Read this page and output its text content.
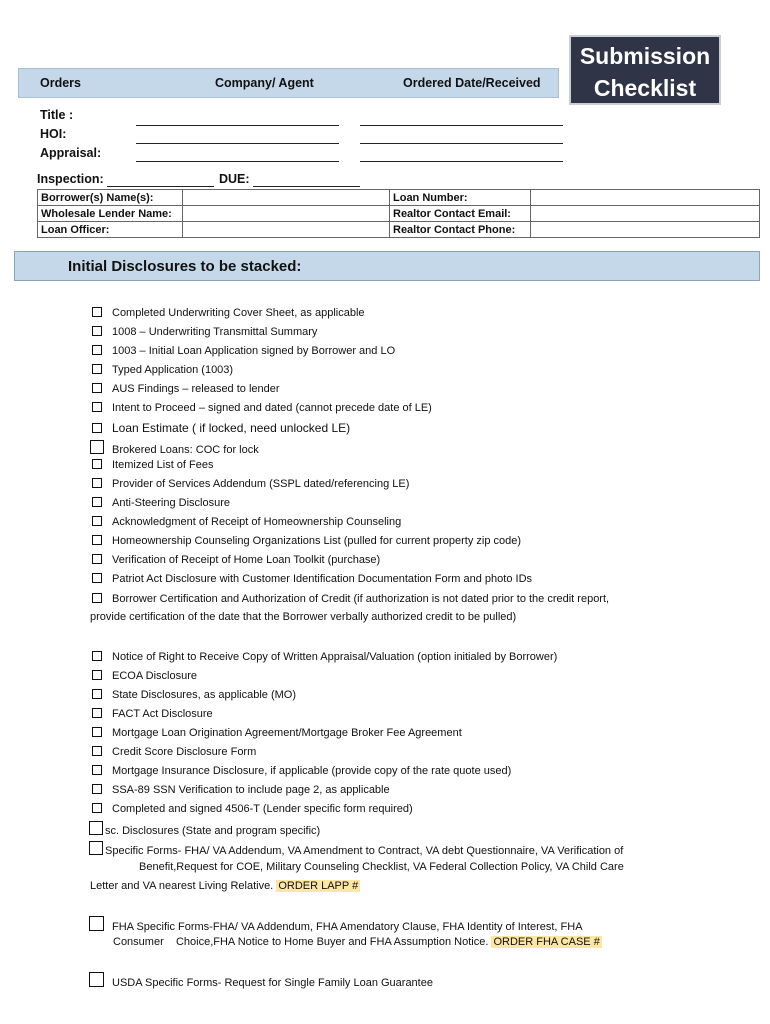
Submission
Checklist
Orders	Company/ Agent	Ordered Date/Received
Title :
HOI:
Appraisal:
Inspection:	DUE:
Borrower(s) Name(s):		Loan Number:	
Wholesale Lender Name:		Realtor Contact Email:	
Loan Officer:		Realtor Contact Phone:	
Initial Disclosures to be stacked:
Completed Underwriting Cover Sheet, as applicable
1008 – Underwriting Transmittal Summary
1003 – Initial Loan Application signed by Borrower and LO
Typed Application (1003)
AUS Findings – released to lender
Intent to Proceed – signed and dated (cannot precede date of LE)
Loan Estimate ( if locked, need unlocked LE)
Brokered Loans: COC for lock
Itemized List of Fees
Provider of Services Addendum (SSPL dated/referencing LE)
Anti-Steering Disclosure
Acknowledgment of Receipt of Homeownership Counseling
Homeownership Counseling Organizations List (pulled for current property zip code)
Verification of Receipt of Home Loan Toolkit (purchase)
Patriot Act Disclosure with Customer Identification Documentation Form and photo IDs
Borrower Certification and Authorization of Credit (if authorization is not dated prior to the credit report,
provide certification of the date that the Borrower verbally authorized credit to be pulled)
Notice of Right to Receive Copy of Written Appraisal/Valuation (option initialed by Borrower)
ECOA Disclosure
State Disclosures, as applicable (MO)
FACT Act Disclosure
Mortgage Loan Origination Agreement/Mortgage Broker Fee Agreement
Credit Score Disclosure Form
Mortgage Insurance Disclosure, if applicable (provide copy of the rate quote used)
SSA-89 SSN Verification to include page 2, as applicable
Completed and signed 4506-T (Lender specific form required)
sc. Disclosures (State and program specific)
Specific Forms- FHA/ VA Addendum, VA Amendment to Contract, VA debt Questionnaire, VA Verification of
Benefit,Request for COE, Military Counseling Checklist, VA Federal Collection Policy, VA Child Care
Letter and VA nearest Living Relative. ORDER LAPP #
FHA Specific Forms-FHA/ VA Addendum, FHA Amendatory Clause, FHA Identity of Interest, FHA
Consumer    Choice,FHA Notice to Home Buyer and FHA Assumption Notice. ORDER FHA CASE #
USDA Specific Forms- Request for Single Family Loan Guarantee
